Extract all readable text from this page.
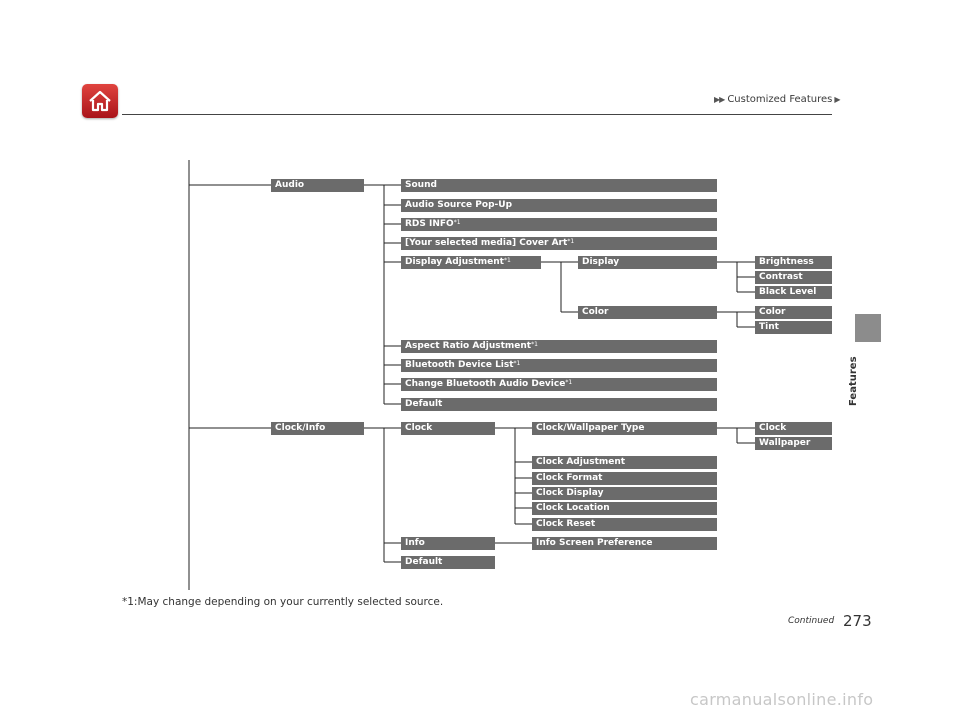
▶▶ Customized Features ▶
Features
Audio	Sound
Audio Source Pop-Up
RDS INFO$^{*1}$
[Your selected media] Cover Art$^{*1}$
Display Adjustment$^{*1}$	Display	Brightness
Contrast
Black Level
Color	Color
Tint
Aspect Ratio Adjustment$^{*1}$
Bluetooth Device List$^{*1}$
Change Bluetooth Audio Device$^{*1}$
Default
Clock/Info	Clock	Clock/Wallpaper Type	Clock
Wallpaper
Clock Adjustment
Clock Format
Clock Display
Clock Location
Clock Reset
Info	Info Screen Preference
Default
*1:May change depending on your currently selected source.
Continued 273
carmanualsonline.info
